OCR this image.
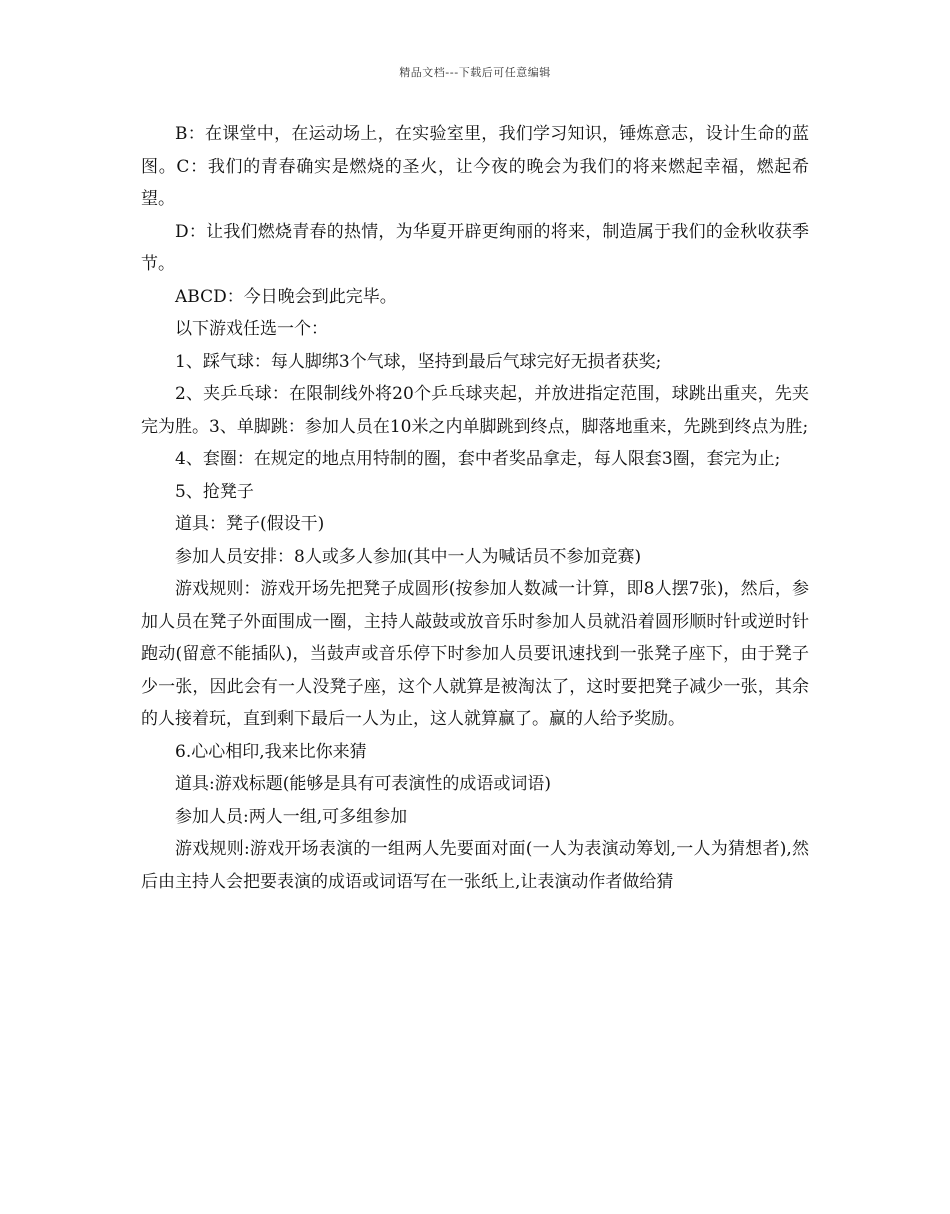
精品文档---下载后可任意编辑

B：在课堂中，在运动场上，在实验室里，我们学习知识，锤炼意志，设计生命的蓝图。C：我们的青春确实是燃烧的圣火，让今夜的晚会为我们的将来燃起幸福，燃起希望。

D：让我们燃烧青春的热情，为华夏开辟更绚丽的将来，制造属于我们的金秋收获季节。

ABCD：今日晚会到此完毕。

以下游戏任选一个：

1、踩气球：每人脚绑3个气球，坚持到最后气球完好无损者获奖;

2、夹乒乓球：在限制线外将20个乒乓球夹起，并放进指定范围，球跳出重夹，先夹完为胜。3、单脚跳：参加人员在10米之内单脚跳到终点，脚落地重来，先跳到终点为胜;

4、套圈：在规定的地点用特制的圈，套中者奖品拿走，每人限套3圈，套完为止;

5、抢凳子

道具：凳子(假设干)

参加人员安排：8人或多人参加(其中一人为喊话员不参加竞赛)

游戏规则：游戏开场先把凳子成圆形(按参加人数减一计算，即8人摆7张)，然后，参加人员在凳子外面围成一圈，主持人敲鼓或放音乐时参加人员就沿着圆形顺时针或逆时针跑动(留意不能插队)，当鼓声或音乐停下时参加人员要讯速找到一张凳子座下，由于凳子少一张，因此会有一人没凳子座，这个人就算是被淘汰了，这时要把凳子减少一张，其余的人接着玩，直到剩下最后一人为止，这人就算赢了。赢的人给予奖励。

6.心心相印,我来比你来猜

道具:游戏标题(能够是具有可表演性的成语或词语)

参加人员:两人一组,可多组参加

游戏规则:游戏开场表演的一组两人先要面对面(一人为表演动筹划,一人为猜想者),然后由主持人会把要表演的成语或词语写在一张纸上,让表演动作者做给猜
